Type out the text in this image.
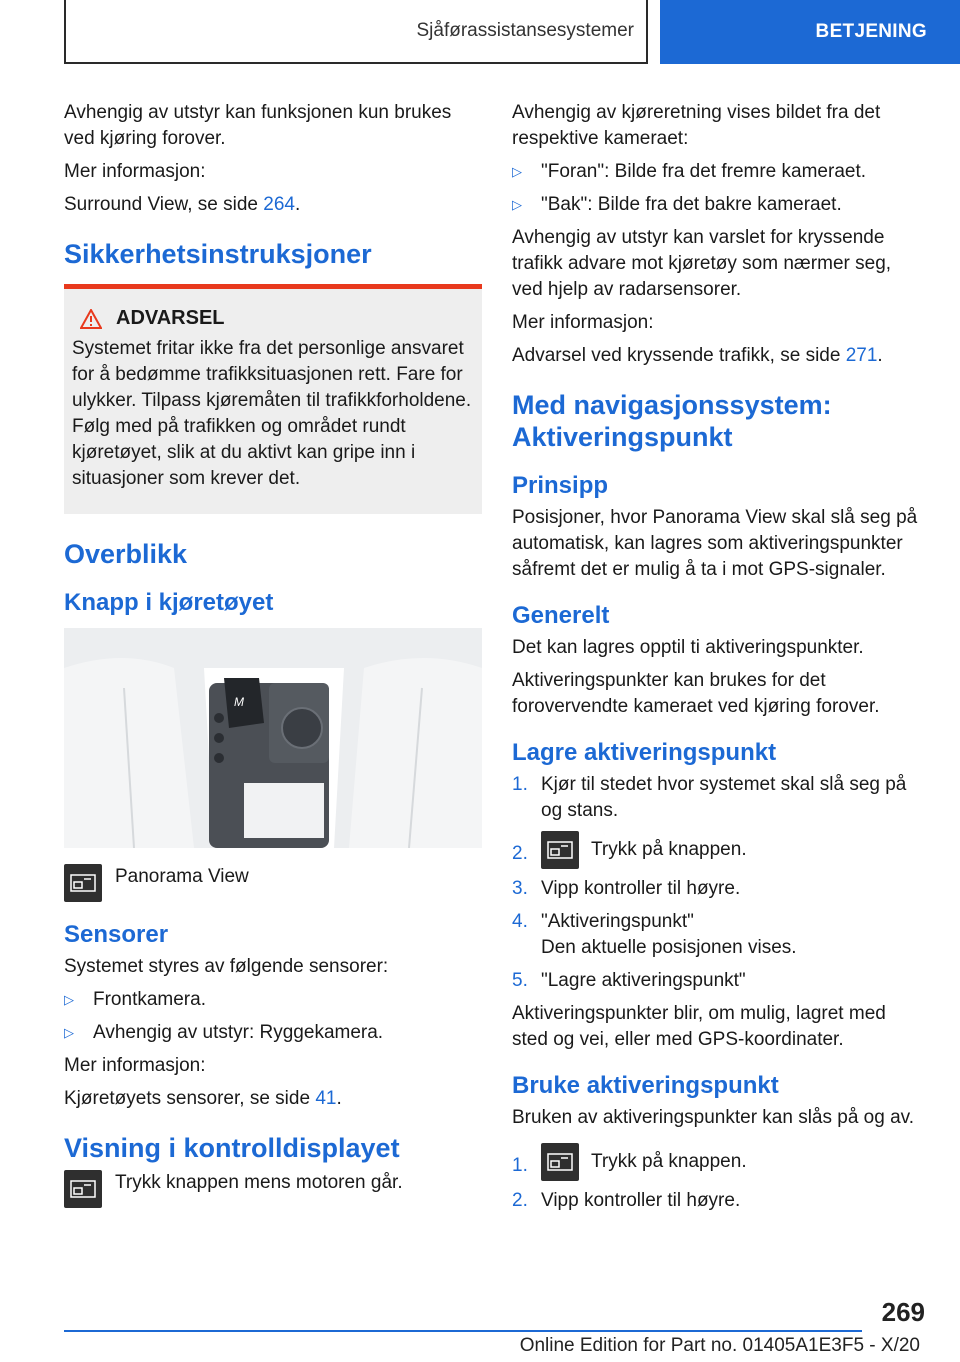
Sjåførassistansesystemer	BETJENING

Avhengig av utstyr kan funksjonen kun brukes ved kjøring forover.

Mer informasjon:

Surround View, se side 264.

Sikkerhetsinstruksjoner
ADVARSEL

Systemet fritar ikke fra det personlige ansvaret for å bedømme trafikksituasjonen rett. Fare for ulykker. Tilpass kjøremåten til trafikkforholdene. Følg med på trafikken og området rundt kjøretøyet, slik at du aktivt kan gripe inn i situasjoner som krever det.

Overblikk
Knapp i kjøretøyet
M

Panorama View

Sensorer

Systemet styres av følgende sensorer:

▷ Frontkamera.
▷ Avhengig av utstyr: Ryggekamera.

Mer informasjon:

Kjøretøyets sensorer, se side 41.

Visning i kontrolldisplayet

Trykk knappen mens motoren går.

Avhengig av kjøreretning vises bildet fra det respektive kameraet:

▷ "Foran": Bilde fra det fremre kameraet.
▷ "Bak": Bilde fra det bakre kameraet.

Avhengig av utstyr kan varslet for kryssende trafikk advare mot kjøretøy som nærmer seg, ved hjelp av radarsensorer.

Mer informasjon:

Advarsel ved kryssende trafikk, se side 271.

Med navigasjonssystem: Aktiveringspunkt
Prinsipp

Posisjoner, hvor Panorama View skal slå seg på automatisk, kan lagres som aktiveringspunkter såfremt det er mulig å ta i mot GPS-signaler.

Generelt

Det kan lagres opptil ti aktiveringspunkter.

Aktiveringspunkter kan brukes for det forovervendte kameraet ved kjøring forover.

Lagre aktiveringspunkt
1. Kjør til stedet hvor systemet skal slå seg på og stans.
2.	Trykk på knappen.
3. Vipp kontroller til høyre.
4. "Aktiveringspunkt"
Den aktuelle posisjonen vises.
5. "Lagre aktiveringspunkt"

Aktiveringspunkter blir, om mulig, lagret med sted og vei, eller med GPS-koordinater.

Bruke aktiveringspunkt

Bruken av aktiveringspunkter kan slås på og av.

1.	Trykk på knappen.
2. Vipp kontroller til høyre.
269
Online Edition for Part no. 01405A1E3F5 - X/20
